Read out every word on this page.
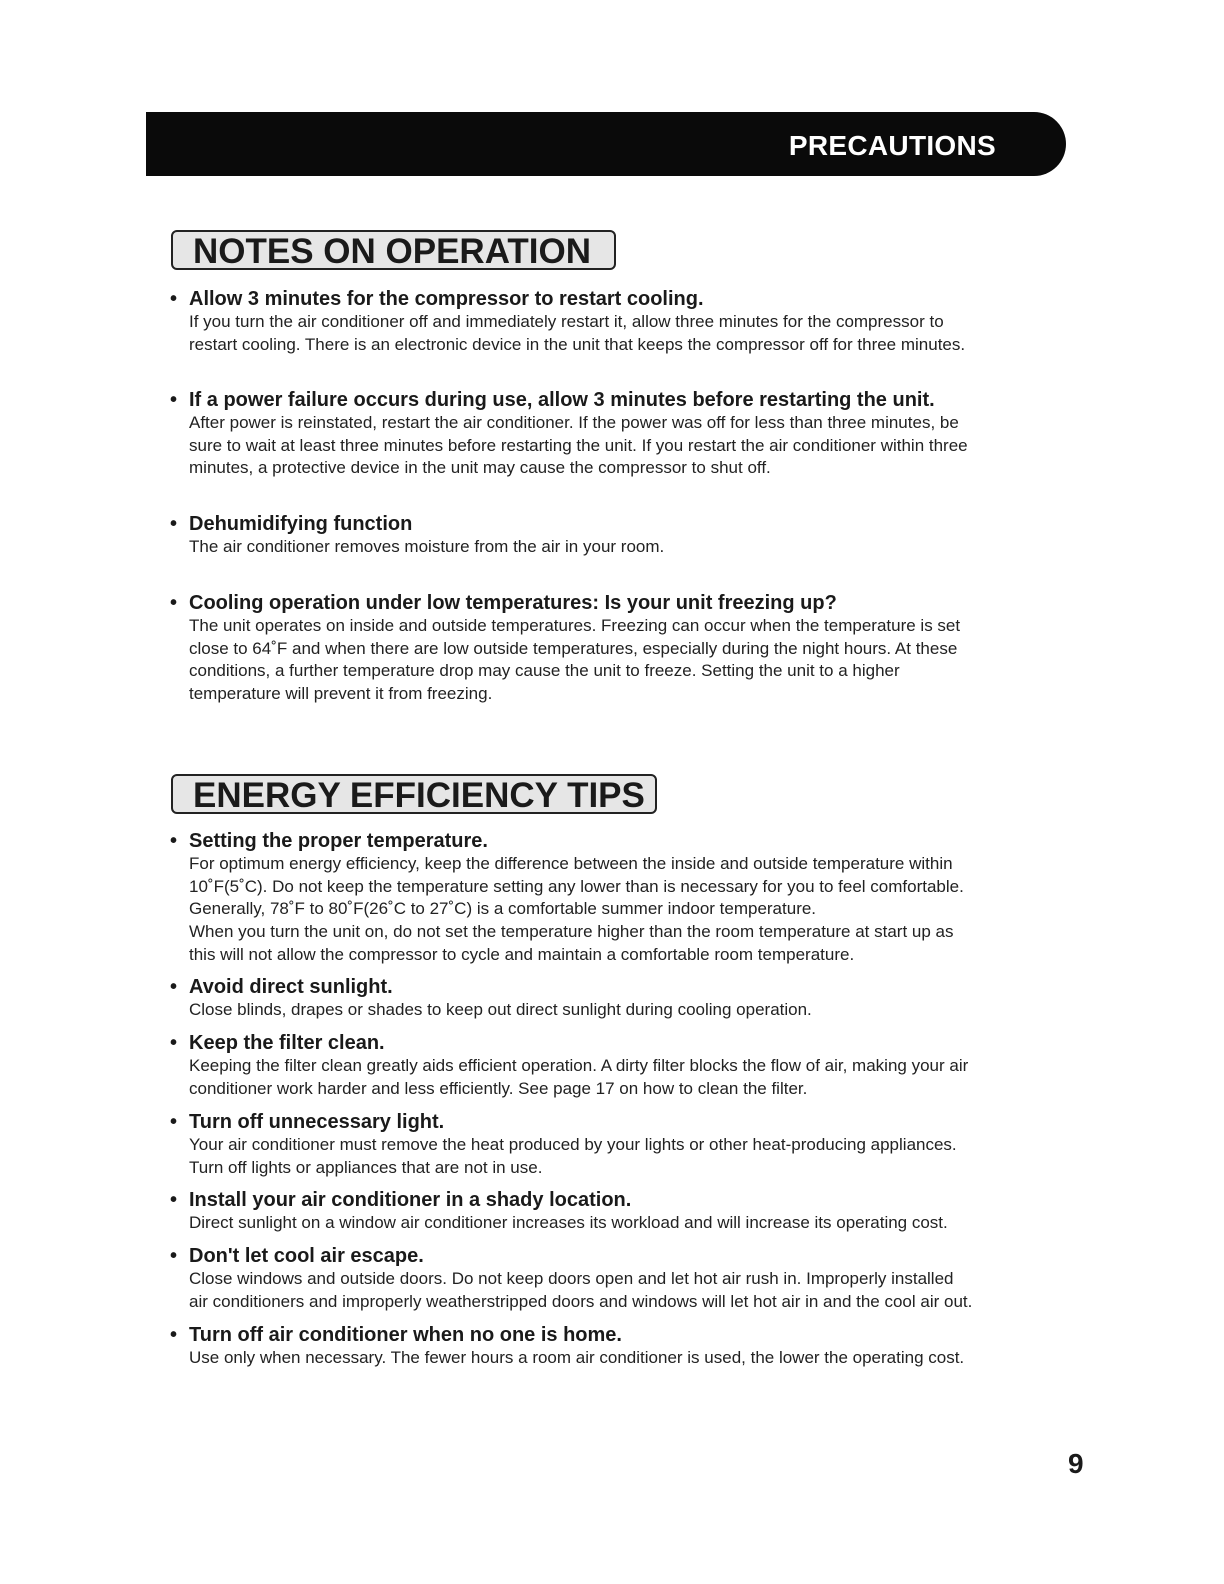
PRECAUTIONS
NOTES ON OPERATION
• Allow 3 minutes for the compressor to restart cooling.

If you turn the air conditioner off and immediately restart it, allow three minutes for the compressor to

restart cooling. There is an electronic device in the unit that keeps the compressor off for three minutes.

• If a power failure occurs during use, allow 3 minutes before restarting the unit.

After power is reinstated, restart the air conditioner. If the power was off for less than three minutes, be

sure to wait at least three minutes before restarting the unit. If you restart the air conditioner within three

minutes, a protective device in the unit may cause the compressor to shut off.

• Dehumidifying function

The air conditioner removes moisture from the air in your room.

• Cooling operation under low temperatures: Is your unit freezing up?

The unit operates on inside and outside temperatures. Freezing can occur when the temperature is set

close to 64˚F and when there are low outside temperatures, especially during the night hours. At these

conditions, a further temperature drop may cause the unit to freeze. Setting the unit to a higher

temperature will prevent it from freezing.

ENERGY EFFICIENCY TIPS
• Setting the proper temperature.

For optimum energy efficiency, keep the difference between the inside and outside temperature within

10˚F(5˚C). Do not keep the temperature setting any lower than is necessary for you to feel comfortable.

Generally, 78˚F to 80˚F(26˚C to 27˚C) is a comfortable summer indoor temperature.

When you turn the unit on, do not set the temperature higher than the room temperature at start up as

this will not allow the compressor to cycle and maintain a comfortable room temperature.

• Avoid direct sunlight.

Close blinds, drapes or shades to keep out direct sunlight during cooling operation.

• Keep the filter clean.

Keeping the filter clean greatly aids efficient operation. A dirty filter blocks the flow of air, making your air

conditioner work harder and less efficiently. See page 17 on how to clean the filter.

• Turn off unnecessary light.

Your air conditioner must remove the heat produced by your lights or other heat-producing appliances.

Turn off lights or appliances that are not in use.

• Install your air conditioner in a shady location.

Direct sunlight on a window air conditioner increases its workload and will increase its operating cost.

• Don't let cool air escape.

Close windows and outside doors. Do not keep doors open and let hot air rush in. Improperly installed

air conditioners and improperly weatherstripped doors and windows will let hot air in and the cool air out.

• Turn off air conditioner when no one is home.

Use only when necessary. The fewer hours a room air conditioner is used, the lower the operating cost.

9
